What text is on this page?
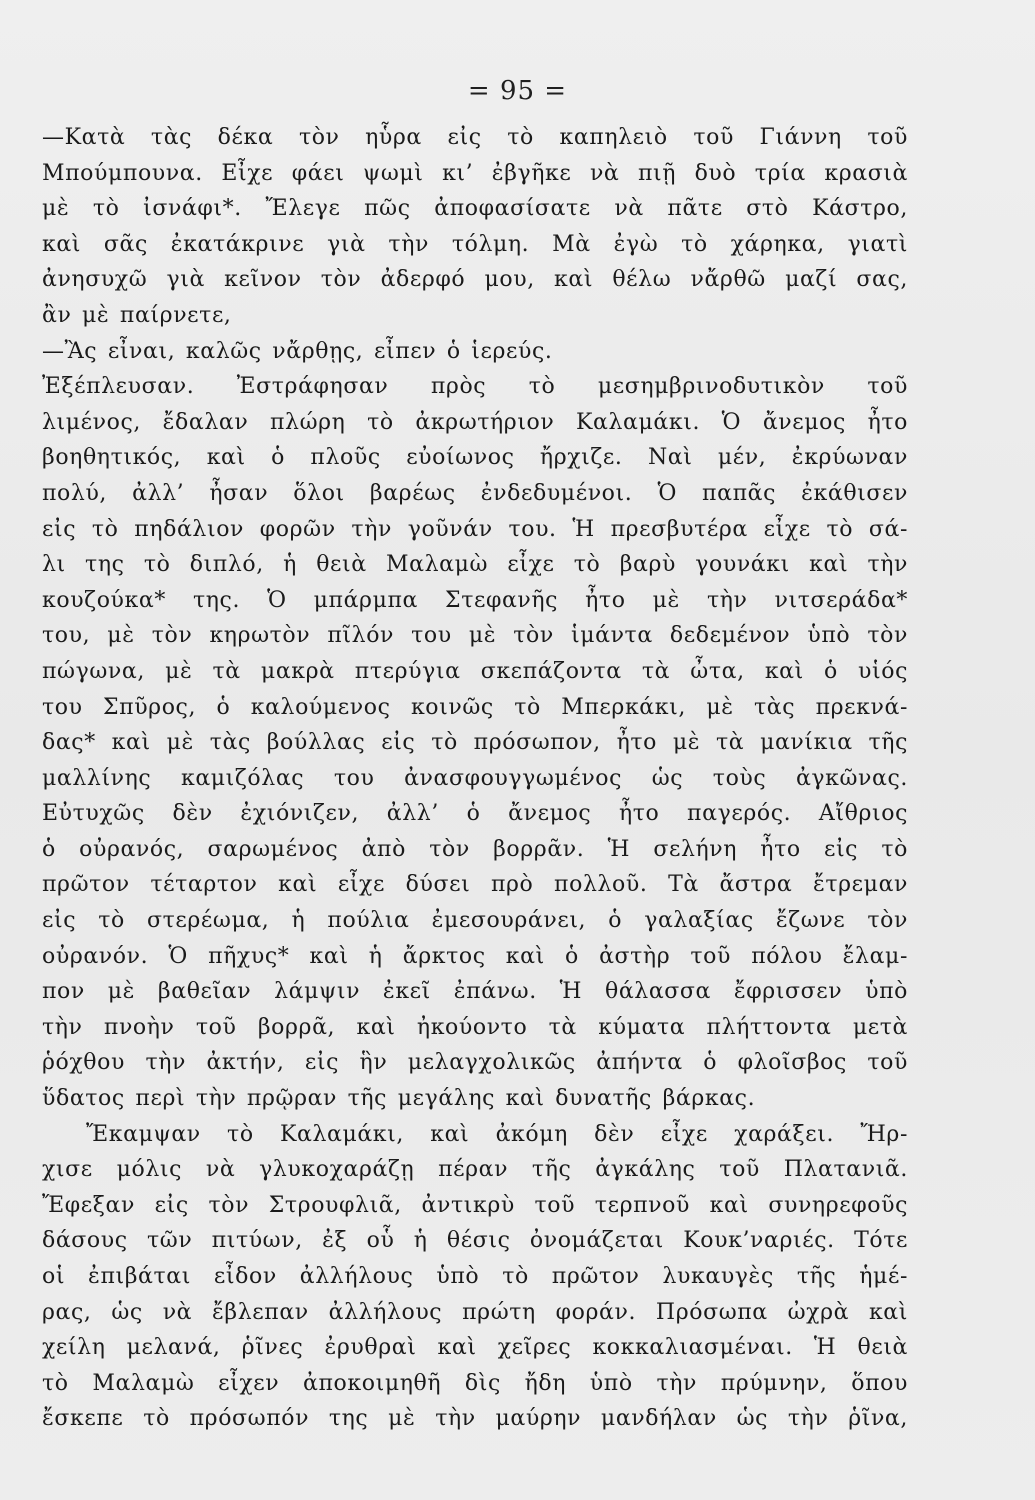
= 95 =
—Κατὰ τὰς δέκα τὸν ηὗρα εἰς τὸ καπηλειὸ τοῦ Γιάννη τοῦ
Μπούμπουνα. Εἶχε φάει ψωμὶ κι’ ἐβγῆκε νὰ πιῇ δυὸ τρία κρασιὰ
μὲ τὸ ἰσνάφι*. Ἔλεγε πῶς ἀποφασίσατε νὰ πᾶτε στὸ Κάστρο,
καὶ σᾶς ἐκατάκρινε γιὰ τὴν τόλμη. Μὰ ἐγὼ τὸ χάρηκα, γιατὶ
ἀνησυχῶ γιὰ κεῖνον τὸν ἀδερφό μου, καὶ θέλω νἄρθῶ μαζί σας,
ἂν μὲ παίρνετε,
—Ἂς εἶναι, καλῶς νἄρθῃς, εἶπεν ὁ ἱερεύς.
Ἐξέπλευσαν. Ἐστράφησαν πρὸς τὸ μεσημβρινοδυτικὸν τοῦ
λιμένος, ἔδαλαν πλώρη τὸ ἀκρωτήριον Καλαμάκι. Ὁ ἄνεμος ἦτο
βοηθητικός, καὶ ὁ πλοῦς εὐοίωνος ἤρχιζε. Ναὶ μέν, ἐκρύωναν
πολύ, ἀλλ’ ἦσαν ὅλοι βαρέως ἐνδεδυμένοι. Ὁ παπᾶς ἐκάθισεν
εἰς τὸ πηδάλιον φορῶν τὴν γοῦνάν του. Ἡ πρεσβυτέρα εἶχε τὸ σά-
λι της τὸ διπλό, ἡ θειὰ Μαλαμὼ εἶχε τὸ βαρὺ γουνάκι καὶ τὴν
κουζούκα* της. Ὁ μπάρμπα Στεφανῆς ἦτο μὲ τὴν νιτσεράδα*
του, μὲ τὸν κηρωτὸν πῖλόν του μὲ τὸν ἱμάντα δεδεμένον ὑπὸ τὸν
πώγωνα, μὲ τὰ μακρὰ πτερύγια σκεπάζοντα τὰ ὦτα, καὶ ὁ υἱός
του Σπῦρος, ὁ καλούμενος κοινῶς τὸ Μπερκάκι, μὲ τὰς πρεκνά-
δας* καὶ μὲ τὰς βούλλας εἰς τὸ πρόσωπον, ἦτο μὲ τὰ μανίκια τῆς
μαλλίνης καμιζόλας του ἀνασφουγγωμένος ὡς τοὺς ἀγκῶνας.
Εὐτυχῶς δὲν ἐχιόνιζεν, ἀλλ’ ὁ ἄνεμος ἦτο παγερός. Αἴθριος
ὁ οὐρανός, σαρωμένος ἀπὸ τὸν βορρᾶν. Ἡ σελήνη ἦτο εἰς τὸ
πρῶτον τέταρτον καὶ εἶχε δύσει πρὸ πολλοῦ. Τὰ ἄστρα ἔτρεμαν
εἰς τὸ στερέωμα, ἡ πούλια ἐμεσουράνει, ὁ γαλαξίας ἔζωνε τὸν
οὐρανόν. Ὁ πῆχυς* καὶ ἡ ἄρκτος καὶ ὁ ἀστὴρ τοῦ πόλου ἔλαμ-
πον μὲ βαθεῖαν λάμψιν ἐκεῖ ἐπάνω. Ἡ θάλασσα ἔφρισσεν ὑπὸ
τὴν πνοὴν τοῦ βορρᾶ, καὶ ἠκούοντο τὰ κύματα πλήττοντα μετὰ
ῥόχθου τὴν ἀκτήν, εἰς ἣν μελαγχολικῶς ἀπήντα ὁ φλοῖσβος τοῦ
ὕδατος περὶ τὴν πρῷραν τῆς μεγάλης καὶ δυνατῆς βάρκας.
Ἔκαμψαν τὸ Καλαμάκι, καὶ ἀκόμη δὲν εἶχε χαράξει. Ἤρ-
χισε μόλις νὰ γλυκοχαράζῃ πέραν τῆς ἀγκάλης τοῦ Πλατανιᾶ.
Ἔφεξαν εἰς τὸν Στρουφλιᾶ, ἀντικρὺ τοῦ τερπνοῦ καὶ συνηρεφοῦς
δάσους τῶν πιτύων, ἐξ οὗ ἡ θέσις ὀνομάζεται Κουκ’ναριές. Τότε
οἱ ἐπιβάται εἶδον ἀλλήλους ὑπὸ τὸ πρῶτον λυκαυγὲς τῆς ἡμέ-
ρας, ὡς νὰ ἔβλεπαν ἀλλήλους πρώτη φοράν. Πρόσωπα ὠχρὰ καὶ
χείλη μελανά, ῥῖνες ἐρυθραὶ καὶ χεῖρες κοκκαλιασμέναι. Ἡ θειὰ
τὸ Μαλαμὼ εἶχεν ἀποκοιμηθῆ δὶς ἤδη ὑπὸ τὴν πρύμνην, ὅπου
ἔσκεπε τὸ πρόσωπόν της μὲ τὴν μαύρην μανδήλαν ὡς τὴν ῥῖνα,
